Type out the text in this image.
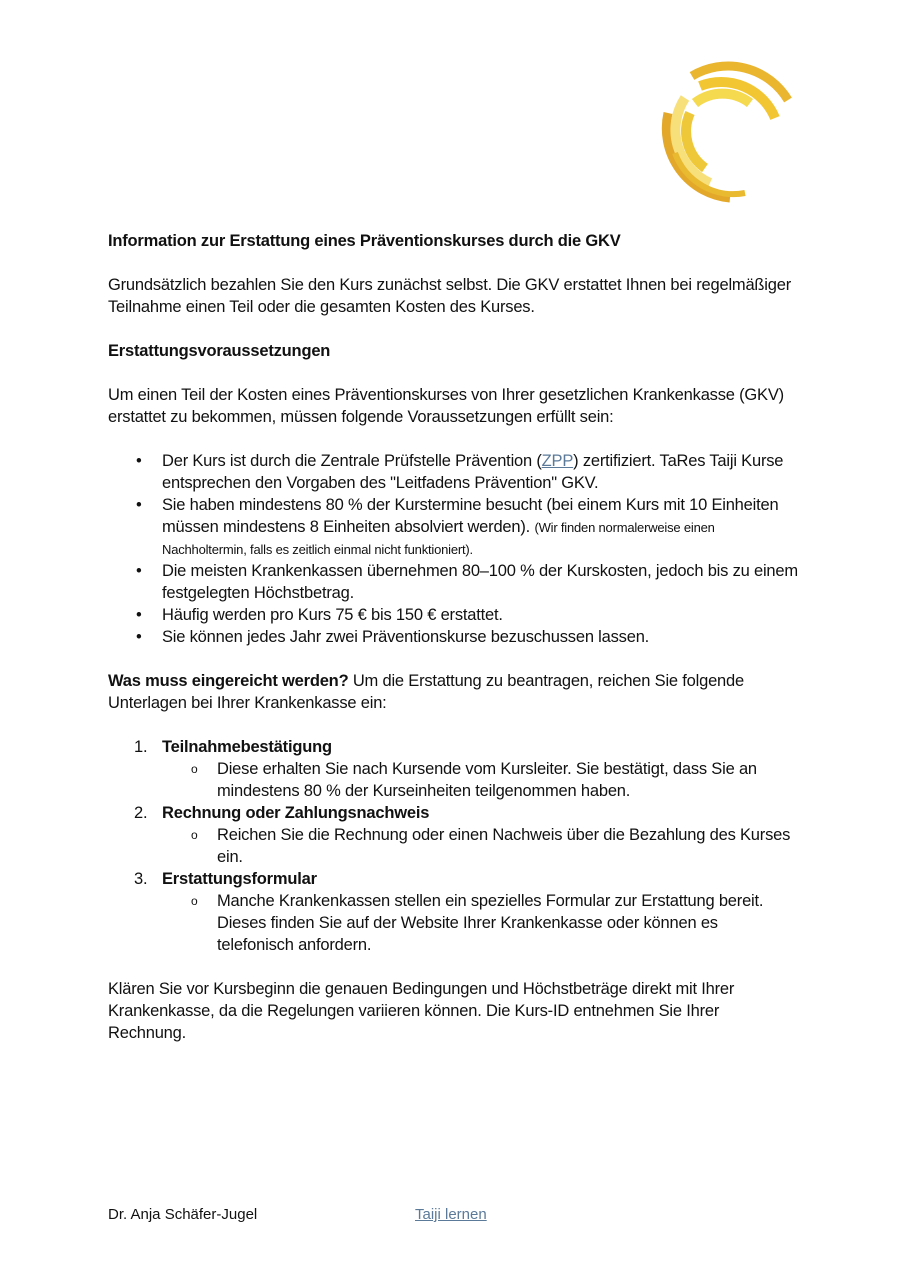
Information zur Erstattung eines Präventionskurses durch die GKV

Grundsätzlich bezahlen Sie den Kurs zunächst selbst. Die GKV erstattet Ihnen bei regelmäßiger Teilnahme einen Teil oder die gesamten Kosten des Kurses.

Erstattungsvoraussetzungen

Um einen Teil der Kosten eines Präventionskurses von Ihrer gesetzlichen Krankenkasse (GKV) erstattet zu bekommen, müssen folgende Voraussetzungen erfüllt sein:

• Der Kurs ist durch die Zentrale Prüfstelle Prävention (ZPP) zertifiziert. TaRes Taiji Kurse entsprechen den Vorgaben des "Leitfadens Prävention" GKV.
• Sie haben mindestens 80 % der Kurstermine besucht (bei einem Kurs mit 10 Einheiten müssen mindestens 8 Einheiten absolviert werden). (Wir finden normalerweise einen Nachholtermin, falls es zeitlich einmal nicht funktioniert).
• Die meisten Krankenkassen übernehmen 80–100 % der Kurskosten, jedoch bis zu einem festgelegten Höchstbetrag.
• Häufig werden pro Kurs 75 € bis 150 € erstattet.
• Sie können jedes Jahr zwei Präventionskurse bezuschussen lassen.

Was muss eingereicht werden? Um die Erstattung zu beantragen, reichen Sie folgende Unterlagen bei Ihrer Krankenkasse ein:

1. Teilnahmebestätigung
o Diese erhalten Sie nach Kursende vom Kursleiter. Sie bestätigt, dass Sie an mindestens 80 % der Kurseinheiten teilgenommen haben.
2. Rechnung oder Zahlungsnachweis
o Reichen Sie die Rechnung oder einen Nachweis über die Bezahlung des Kurses ein.
3. Erstattungsformular
o Manche Krankenkassen stellen ein spezielles Formular zur Erstattung bereit. Dieses finden Sie auf der Website Ihrer Krankenkasse oder können es telefonisch anfordern.

Klären Sie vor Kursbeginn die genauen Bedingungen und Höchstbeträge direkt mit Ihrer Krankenkasse, da die Regelungen variieren können. Die Kurs-ID entnehmen Sie Ihrer Rechnung.

Dr. Anja Schäfer-Jugel	Taiji lernen
